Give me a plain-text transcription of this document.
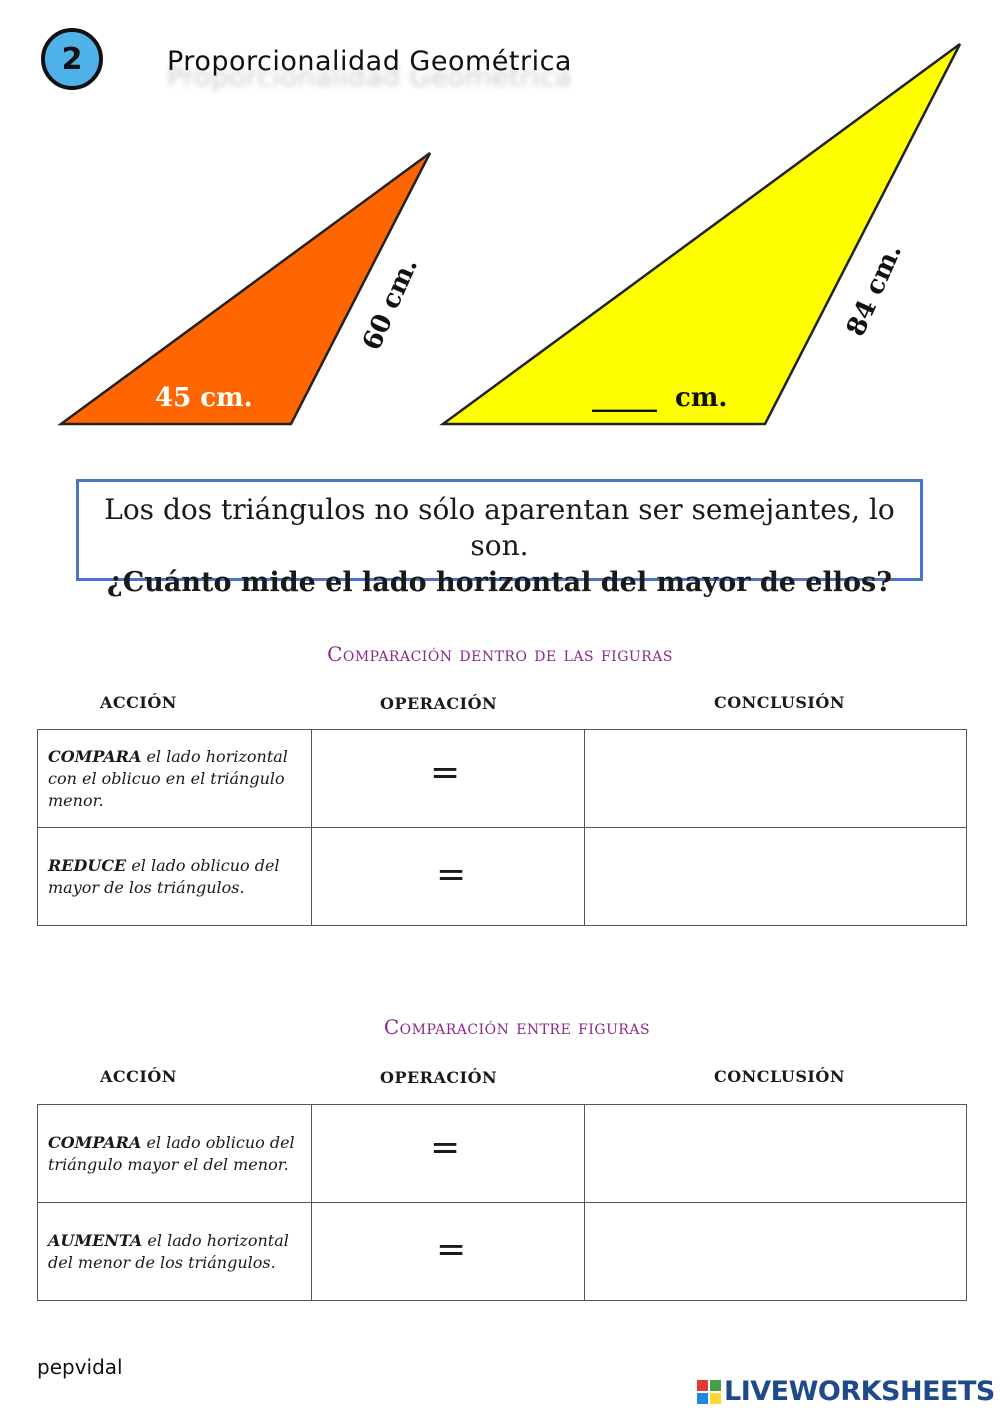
2	Proporcionalidad Geométrica
45 cm.
60 cm.
_____ cm.
84 cm.
Los dos triángulos no sólo aparentan ser semejantes, lo son.
¿Cuánto mide el lado horizontal del mayor de ellos?
Comparación dentro de las figuras
ACCIÓN	OPERACIÓN	CONCLUSIÓN
COMPARA el lado horizontal con el oblicuo en el triángulo menor.	=	
REDUCE el lado oblicuo del mayor de los triángulos.	=	
Comparación entre figuras
ACCIÓN	OPERACIÓN	CONCLUSIÓN
COMPARA el lado oblicuo del triángulo mayor el del menor.	=	
AUMENTA el lado horizontal del menor de los triángulos.	=	
pepvidal
LIVEWORKSHEETS
